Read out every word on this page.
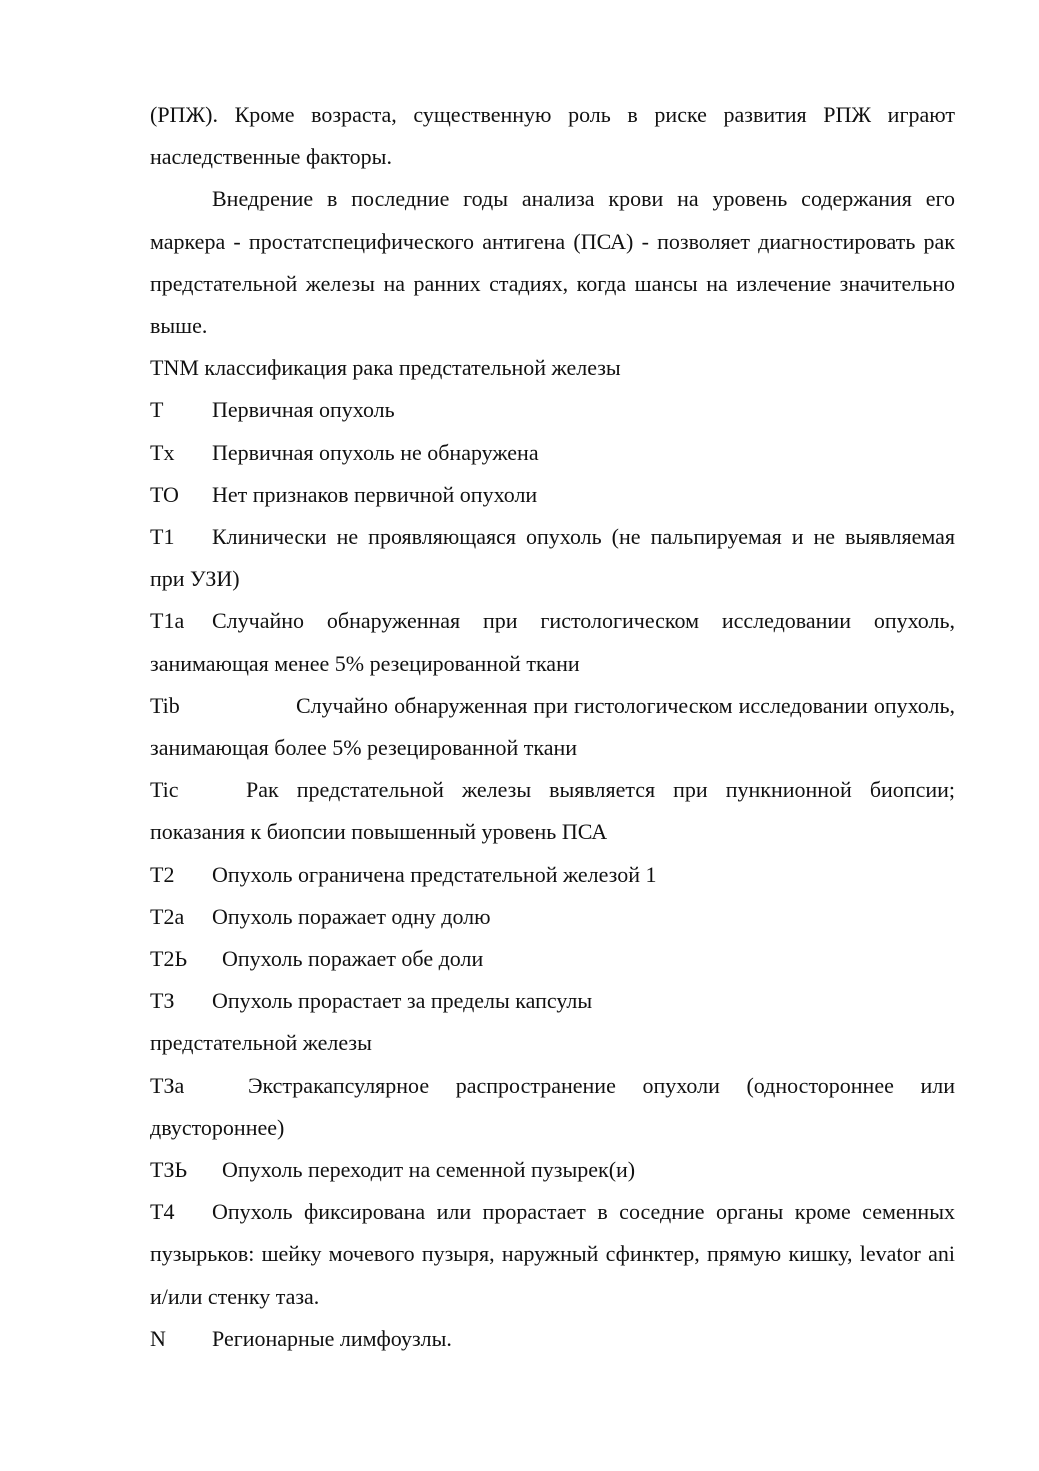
(РПЖ). Кроме возраста, существенную роль в риске развития РПЖ играют наследственные факторы.

Внедрение в последние годы анализа крови на уровень содержания его маркера - простатспецифического антигена (ПСА) - позволяет диагностировать рак предстательной железы на ранних стадиях, когда шансы на излечение значительно выше.

TNM классификация рака предстательной железы

T Первичная опухоль

Tx Первичная опухоль не обнаружена

TO Нет признаков первичной опухоли

T1 Клинически не проявляющаяся опухоль (не пальпируемая и не выявляемая при УЗИ)

T1a Случайно обнаруженная при гистологическом исследовании опухоль, занимающая менее 5% резецированной ткани

Tib	Случайно обнаруженная при гистологическом исследовании опухоль, занимающая более 5% резецированной ткани

Tic	Рак предстательной железы выявляется при пункнионной биопсии; показания к биопсии повышенный уровень ПСА

T2 Опухоль ограничена предстательной железой 1

T2a Опухоль поражает одну долю

T2Ь Опухоль поражает обе доли

ТЗ Опухоль прорастает за пределы капсулы

предстательной железы

ТЗа	Экстракапсулярное распространение опухоли (одностороннее или двустороннее)

ТЗЬ Опухоль переходит на семенной пузырек(и)

T4 Опухоль фиксирована или прорастает в соседние органы кроме семенных пузырьков: шейку мочевого пузыря, наружный сфинктер, прямую кишку, levator ani и/или стенку таза.

N Регионарные лимфоузлы.
